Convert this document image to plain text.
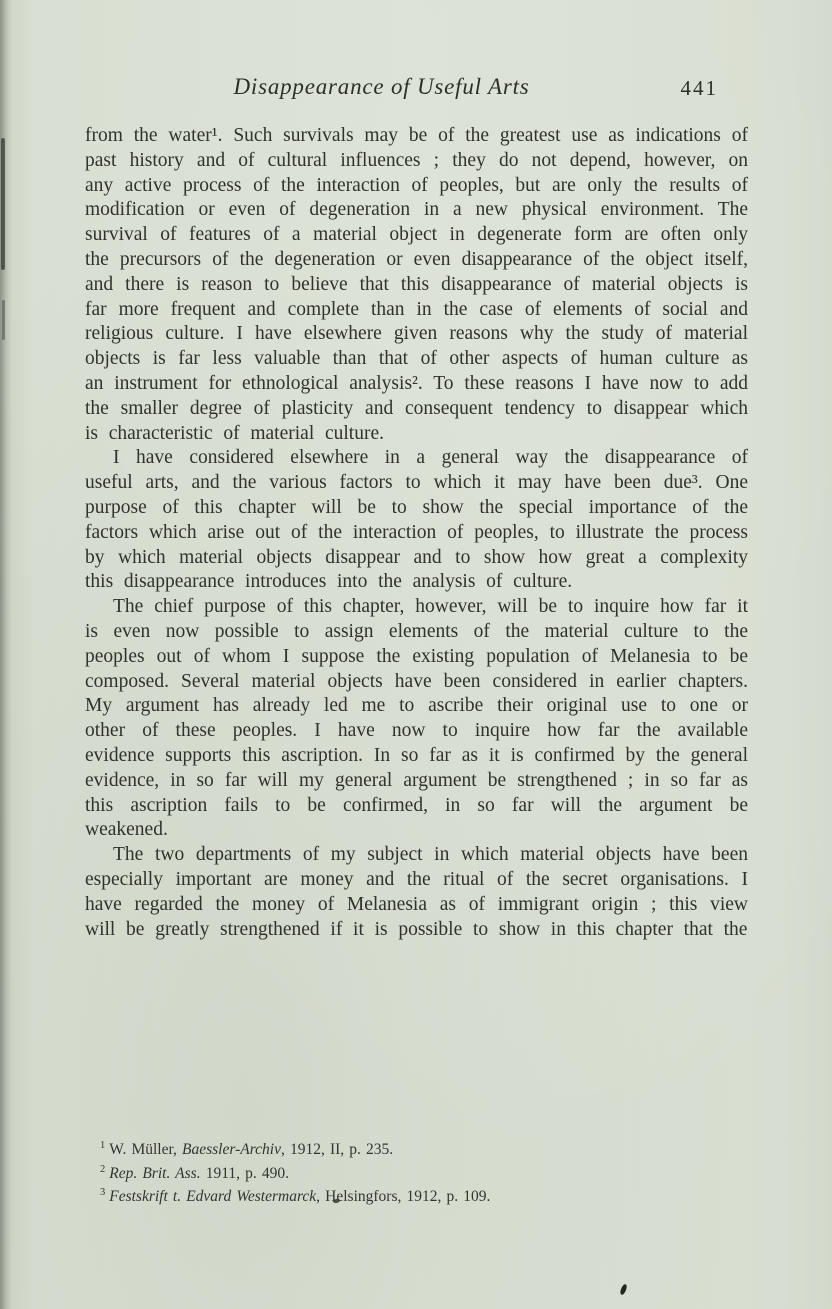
Disappearance of Useful Arts	441

from the water¹. Such survivals may be of the greatest use as indications of past history and of cultural influences ; they do not depend, however, on any active process of the interaction of peoples, but are only the results of modification or even of degeneration in a new physical environment. The survival of features of a material object in degenerate form are often only the precursors of the degeneration or even disappearance of the object itself, and there is reason to believe that this disappearance of material objects is far more frequent and complete than in the case of elements of social and religious culture. I have elsewhere given reasons why the study of material objects is far less valuable than that of other aspects of human culture as an instrument for ethnological analysis². To these reasons I have now to add the smaller degree of plasticity and consequent tendency to disappear which is characteristic of material culture.

I have considered elsewhere in a general way the disappearance of useful arts, and the various factors to which it may have been due³. One purpose of this chapter will be to show the special importance of the factors which arise out of the interaction of peoples, to illustrate the process by which material objects disappear and to show how great a complexity this disappearance introduces into the analysis of culture.

The chief purpose of this chapter, however, will be to inquire how far it is even now possible to assign elements of the material culture to the peoples out of whom I suppose the existing population of Melanesia to be composed. Several material objects have been considered in earlier chapters. My argument has already led me to ascribe their original use to one or other of these peoples. I have now to inquire how far the available evidence supports this ascription. In so far as it is confirmed by the general evidence, in so far will my general argument be strengthened ; in so far as this ascription fails to be confirmed, in so far will the argument be weakened.

The two departments of my subject in which material objects have been especially important are money and the ritual of the secret organisations. I have regarded the money of Melanesia as of immigrant origin ; this view will be greatly strengthened if it is possible to show in this chapter that the

$^1$ W. Müller, Baessler-Archiv, 1912, II, p. 235.

$^2$ Rep. Brit. Ass. 1911, p. 490.

$^3$ Festskrift t. Edvard Westermarck, Helsingfors, 1912, p. 109.
